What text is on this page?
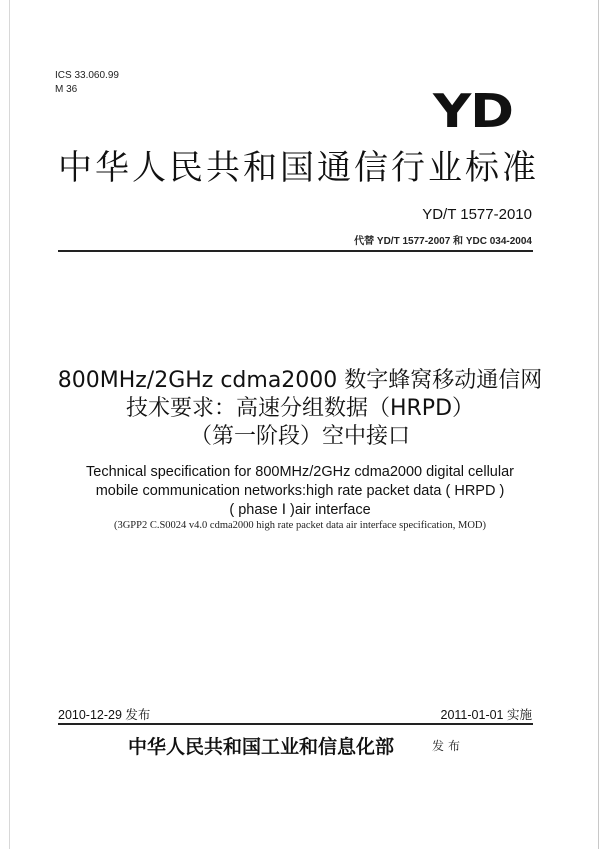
ICS 33.060.99
M 36	YD
中华人民共和国通信行业标准
YD/T 1577-2010
代替 YD/T 1577-2007 和 YDC 034-2004
800MHz/2GHz cdma2000 数字蜂窝移动通信网
技术要求：高速分组数据（HRPD）
（第一阶段）空中接口
Technical specification for 800MHz/2GHz cdma2000 digital cellular
mobile communication networks:high rate packet data ( HRPD )
( phase Ⅰ )air interface
(3GPP2 C.S0024 v4.0 cdma2000 high rate packet data air interface specification, MOD)
2010-12-29 发布	2011-01-01 实施
中华人民共和国工业和信息化部	发布
